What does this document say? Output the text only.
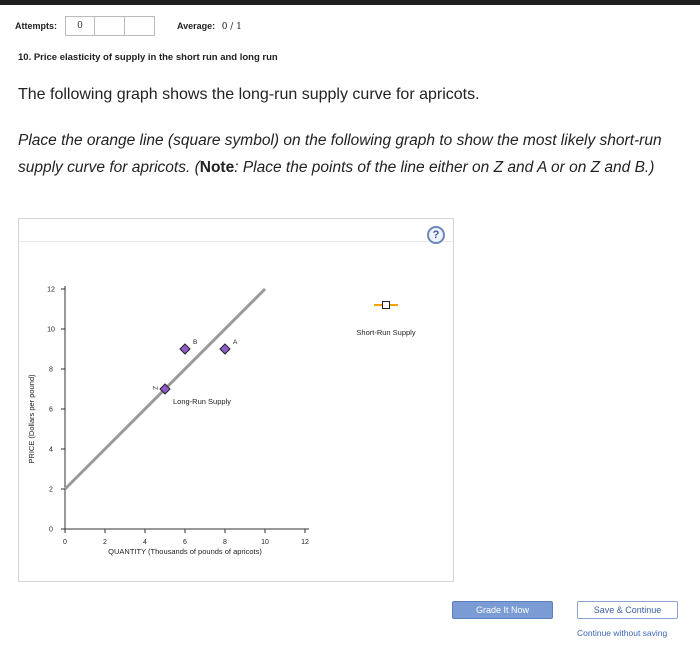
Attempts:	0	Average: 0 / 1
10. Price elasticity of supply in the short run and long run
The following graph shows the long-run supply curve for apricots.
Place the orange line (square symbol) on the following graph to show the most likely short-run supply curve for apricots. (Note: Place the points of the line either on Z and A or on Z and B.)
?
0	2	4	6	8	10	12
0
2
4
6
8
10
12
QUANTITY (Thousands of pounds of apricots)
PRICE (Dollars per pound)	Long-Run Supply
Z
B	A
Short-Run Supply
Grade It Now	Save & Continue
Continue without saving
